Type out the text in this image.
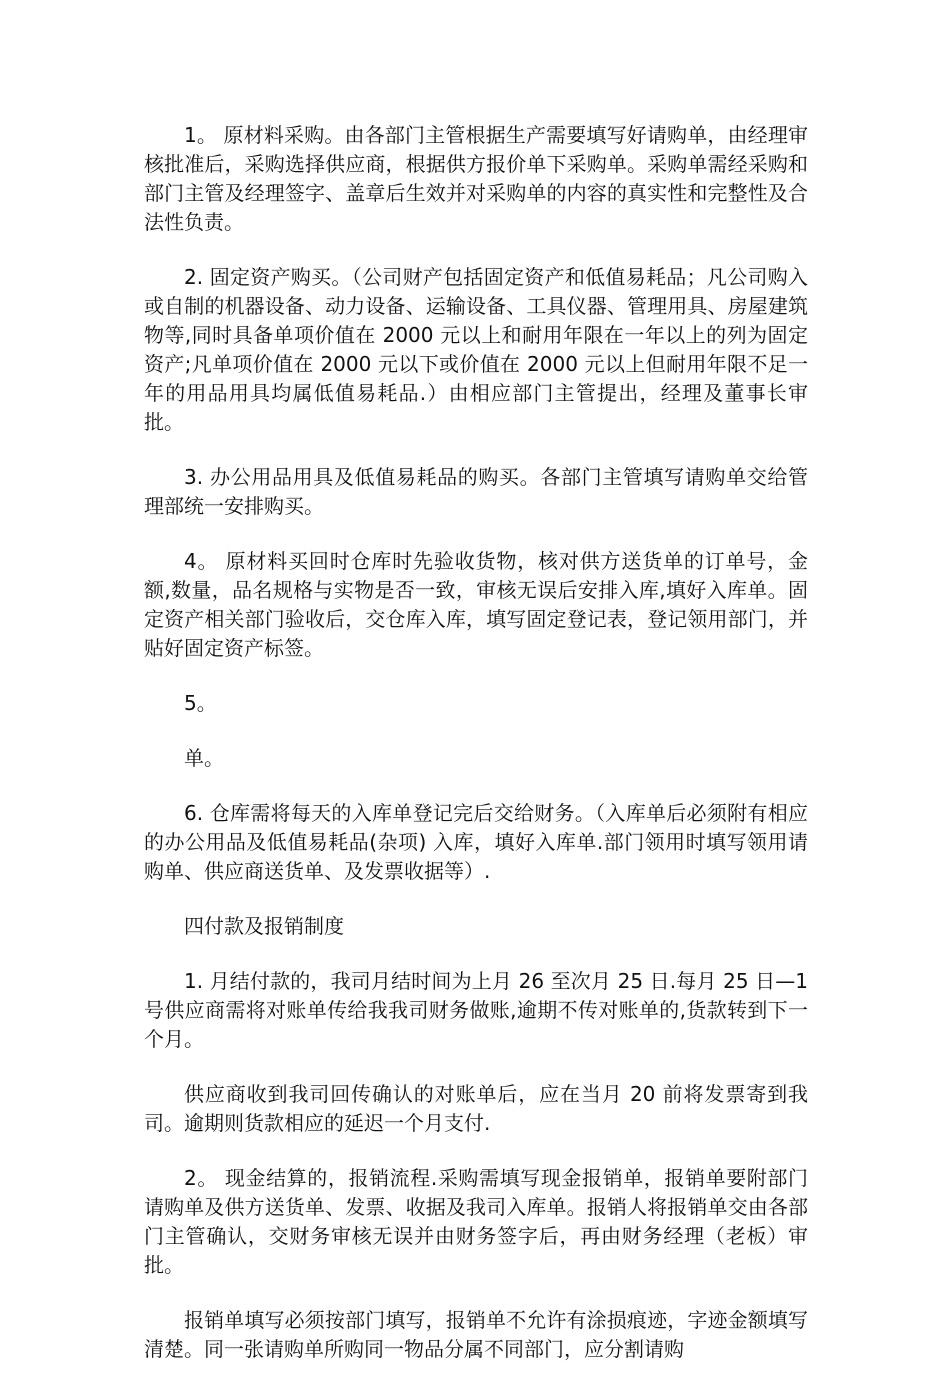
1。 原材料采购。由各部门主管根据生产需要填写好请购单，由经理审核批准后，采购选择供应商，根据供方报价单下采购单。采购单需经采购和部门主管及经理签字、盖章后生效并对采购单的内容的真实性和完整性及合法性负责。

2. 固定资产购买。（公司财产包括固定资产和低值易耗品；凡公司购入或自制的机器设备、动力设备、运输设备、工具仪器、管理用具、房屋建筑物等,同时具备单项价值在 2000 元以上和耐用年限在一年以上的列为固定资产;凡单项价值在 2000 元以下或价值在 2000 元以上但耐用年限不足一年的用品用具均属低值易耗品.）由相应部门主管提出，经理及董事长审批。

3. 办公用品用具及低值易耗品的购买。各部门主管填写请购单交给管理部统一安排购买。

4。 原材料买回时仓库时先验收货物，核对供方送货单的订单号，金额,数量，品名规格与实物是否一致，审核无误后安排入库,填好入库单。固定资产相关部门验收后，交仓库入库，填写固定登记表，登记领用部门，并贴好固定资产标签。

5。

单。

6. 仓库需将每天的入库单登记完后交给财务。（入库单后必须附有相应的办公用品及低值易耗品(杂项) 入库，填好入库单.部门领用时填写领用请购单、供应商送货单、及发票收据等）.

四付款及报销制度

1. 月结付款的，我司月结时间为上月 26 至次月 25 日.每月 25 日—1 号供应商需将对账单传给我我司财务做账,逾期不传对账单的,货款转到下一个月。

供应商收到我司回传确认的对账单后，应在当月 20 前将发票寄到我司。逾期则货款相应的延迟一个月支付.

2。 现金结算的，报销流程.采购需填写现金报销单，报销单要附部门请购单及供方送货单、发票、收据及我司入库单。报销人将报销单交由各部门主管确认，交财务审核无误并由财务签字后，再由财务经理（老板）审批。

报销单填写必须按部门填写，报销单不允许有涂损痕迹，字迹金额填写清楚。同一张请购单所购同一物品分属不同部门，应分割请购
